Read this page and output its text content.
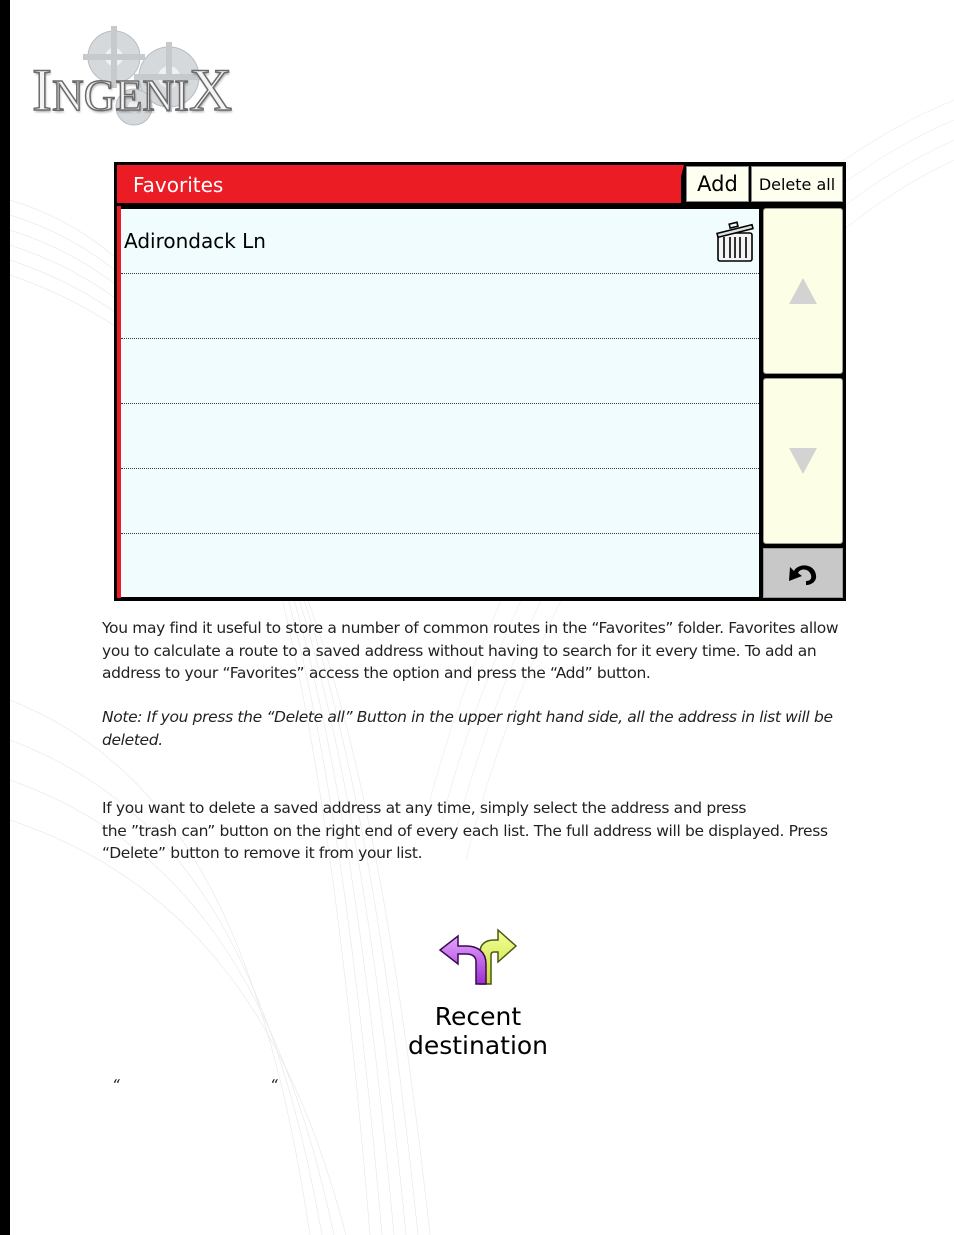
INGENIX
Favorites	Add	Delete all
Adirondack Ln

You may find it useful to store a number of common routes in the “Favorites” folder. Favorites allow you to calculate a route to a saved address without having to search for it every time. To add an address to your “Favorites” access the option and press the “Add” button.

Note: If you press the “Delete all” Button in the upper right hand side, all the address in list will be deleted.

If you want to delete a saved address at any time, simply select the address and press
the ”trash can” button on the right end of every each list. The full address will be displayed. Press “Delete” button to remove it from your list.
Recent
destination
“	“
